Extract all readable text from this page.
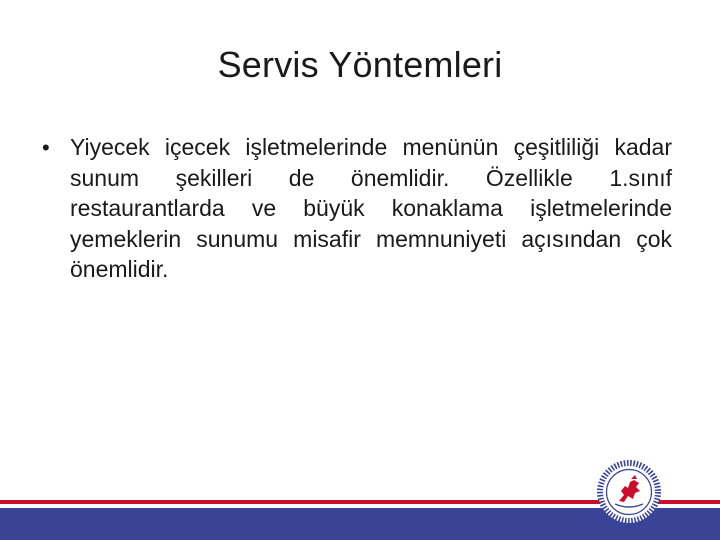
Servis Yöntemleri
• Yiyecek içecek işletmelerinde menünün çeşitliliği kadar sunum şekilleri de önemlidir. Özellikle 1.sınıf restaurantlarda ve büyük konaklama işletmelerinde yemeklerin sunumu misafir memnuniyeti açısından çok önemlidir.
